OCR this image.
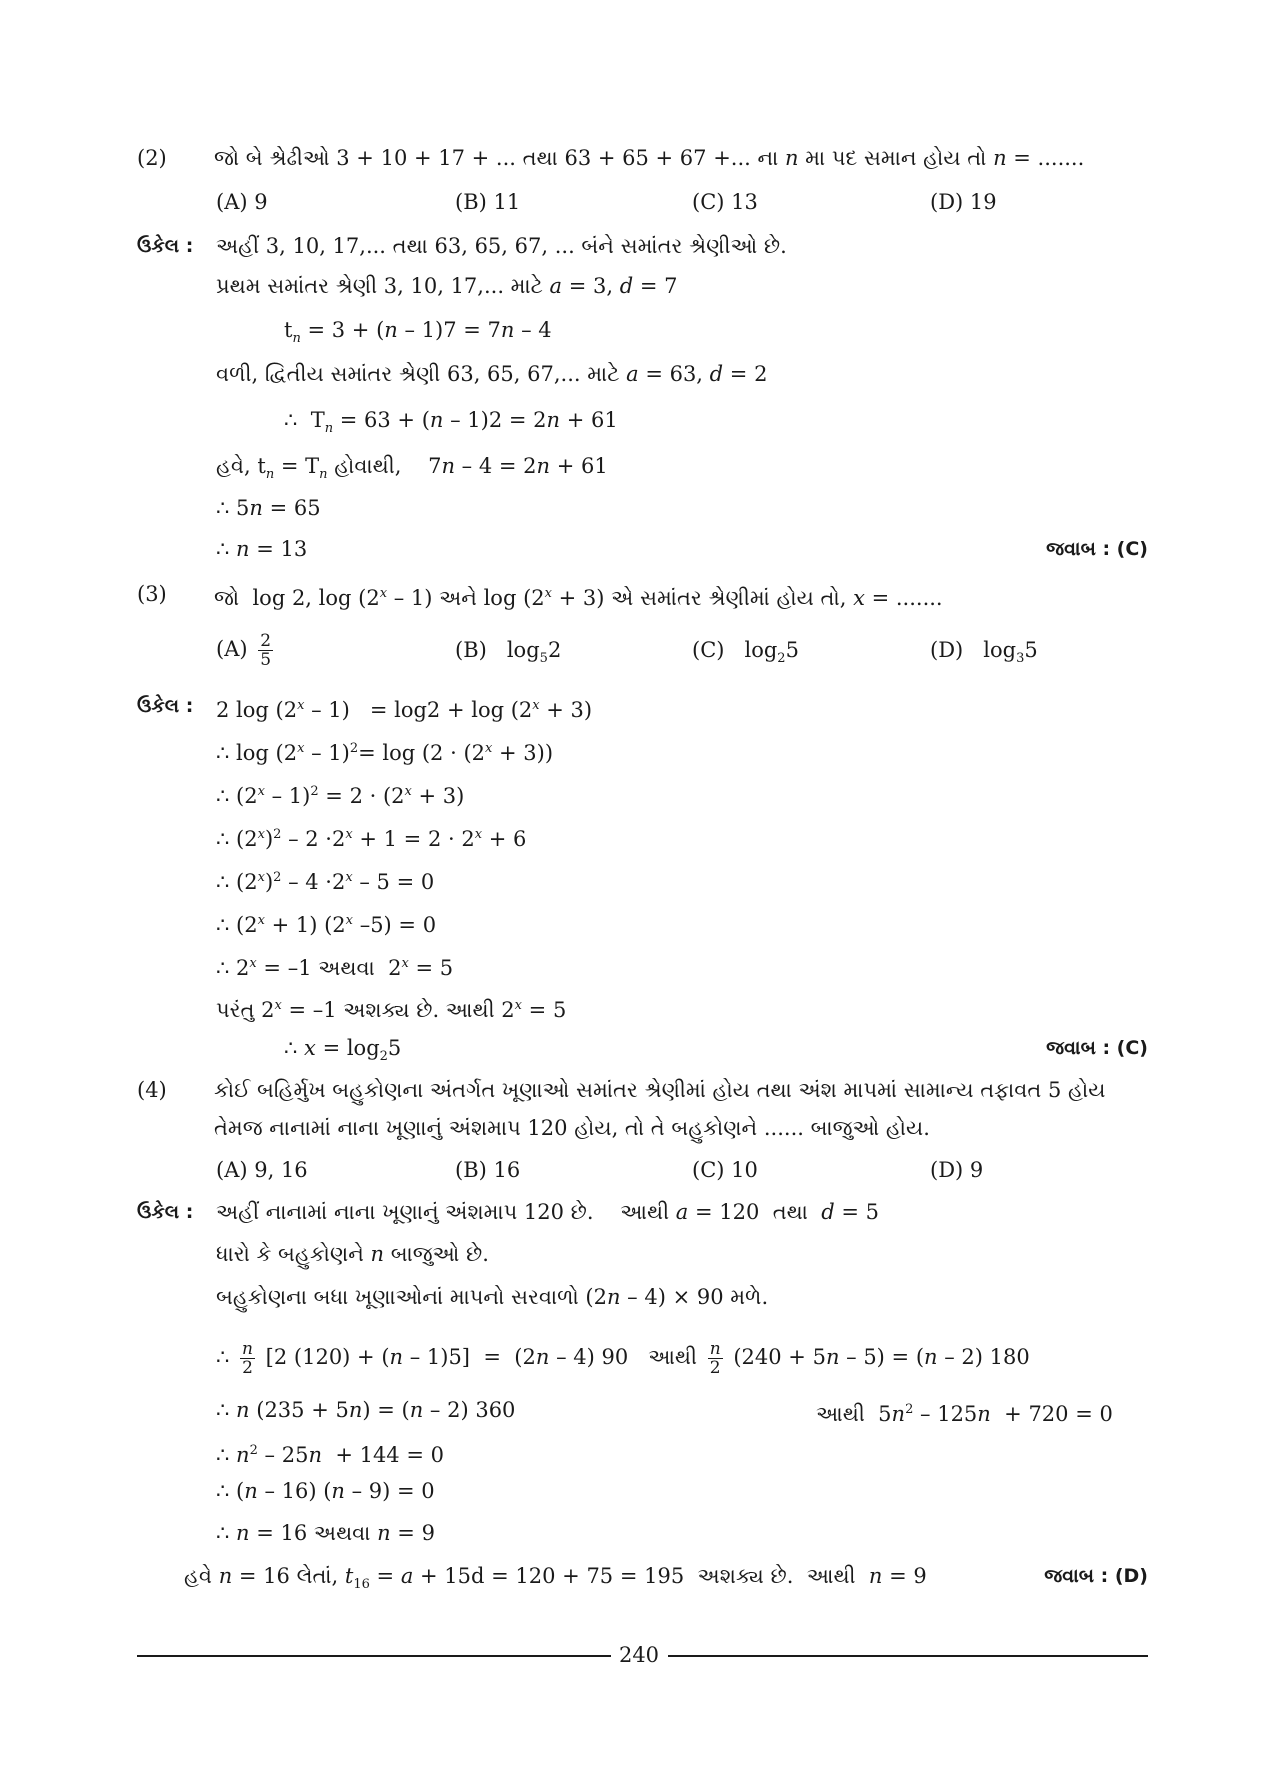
(2) જો બે શ્રેઢીઓ 3 + 10 + 17 + ... તથા 63 + 65 + 67 +... ના n મા પદ સમાન હોય તો n = .......
(A) 9	(B) 11	(C) 13	(D) 19
ઉકેલ : અહીં 3, 10, 17,... તથા 63, 65, 67, ... બંને સમાંતર શ્રેણીઓ છે.
પ્રથમ સમાંતર શ્રેણી 3, 10, 17,... માટે a = 3, d = 7
$t_n = 3 + (n - 1)7 = 7n - 4$
વળી, દ્વિતીય સમાંતર શ્રેણી 63, 65, 67,... માટે a = 63, d = 2
∴  $T_n = 63 + (n - 1)2 = 2n + 61$
હવે, $t_n = T_n$ હોવાથી,    7n – 4 = 2n + 61
∴ 5n = 65
∴ n = 13	જવાબ : (C)
(3) જો  log 2, log (2$^x$ – 1) અને $\log (2^x + 3)$ એ સમાંતર શ્રેણીમાં હોય તો, x = .......
$(A) \frac{2}{5}$	(B)   $\log_52$	(C)   $\log_25$	(D)   $\log_35$
ઉકેલ : 2 $\log (2^x - 1) = \log 2 + \log (2^x + 3)$
∴ $\log (2^x - 1)^2= \log (2 \cdot (2^x + 3))$
∴ $(2^x - 1)^2 = 2 \cdot (2^x + 3)$
∴ $(2^x)^2 - 2 \cdot 2^x + 1 = 2 \cdot 2^x + 6$
∴ $(2^x)^2 - 4 \cdot 2^x - 5 = 0$
∴ $(2^x + 1)$ (2$^x$ –5) = 0
∴ $2^x = -1$ અથવા  $2^x = 5$
પરંતુ $2^x = -1$ અશક્ય છે. આથી $2^x = 5$
∴ $x = \log_25$	જવાબ : (C)
(4) કોઈ બહિર્મુખ બહુકોણના અંતર્ગત ખૂણાઓ સમાંતર શ્રેણીમાં હોય તથા અંશ માપમાં સામાન્ય તફાવત 5 હોય
તેમજ નાનામાં નાના ખૂણાનું અંશમાપ 120 હોય, તો તે બહુકોણને ...... બાજુઓ હોય.
(A) 9, 16	(B) 16	(C) 10	(D) 9
ઉકેલ : અહીં નાનામાં નાના ખૂણાનું અંશમાપ 120 છે.    આથી a = 120  તથા  d = 5
ધારો કે બહુકોણને n બાજુઓ છે.
બહુકોણના બધા ખૂણાઓનાં માપનો સરવાળો (2n – 4) × 90 મળે.
∴ $\frac{n}{2} [2$ (120) + (n – 1)5]  =  (2n – 4) 90   આથી $\frac{n}{2} (240 + 5n - 5) = (n - 2)$ 180
∴ n (235 + 5n) = (n – 2) 360	આથી  $5n^2 - 125n + 720 = 0$
∴ $n^2 - 25n + 144 = 0$
∴ (n – 16) (n – 9) = 0
∴ n = 16 અથવા n = 9
હવે n = 16 લેતાં, $t_{16} = a + 15d = 120 + 75 = 195$  અશક્ય છે.  આથી  n = 9	જવાબ : (D)
240
